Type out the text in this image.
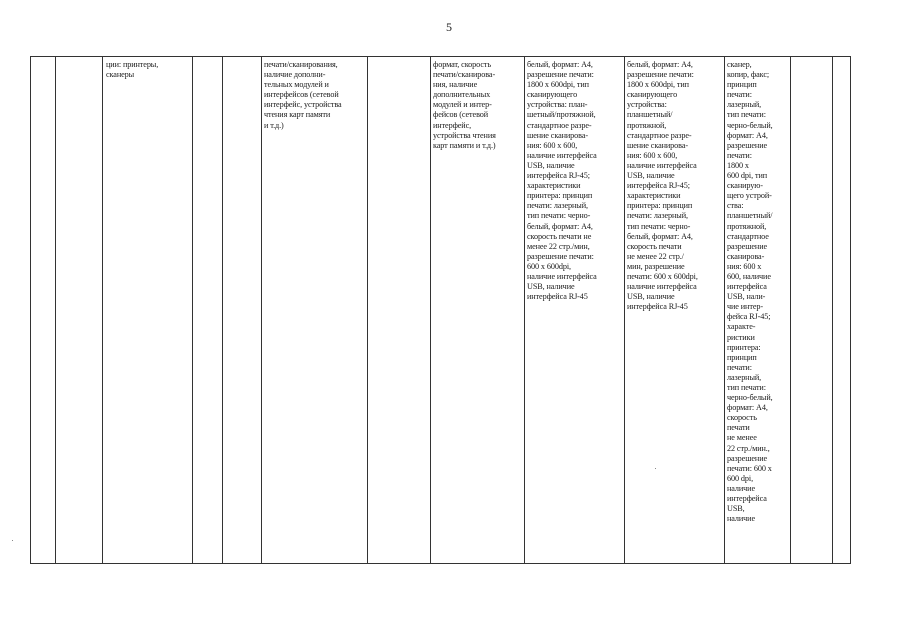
5
ции: принтеры,
сканеры
печати/сканирования,
наличие дополни-
тельных модулей и
интерфейсов (сетевой
интерфейс, устройства
чтения карт памяти
и т.д.)
формат, скорость
печати/сканирова-
ния, наличие
дополнительных
модулей и интер-
фейсов (сетевой
интерфейс,
устройства чтения
карт памяти и т.д.)
белый, формат: А4,
разрешение печати:
1800 x 600dpi, тип
сканирующего
устройства: план-
шетный/протяжной,
стандартное разре-
шение сканирова-
ния: 600 x 600,
наличие интерфейса
USB, наличие
интерфейса RJ-45;
характеристики
принтера: принцип
печати: лазерный,
тип печати: черно-
белый, формат: А4,
скорость печати не
менее 22 стр./мин,
разрешение печати:
600 x 600dpi,
наличие интерфейса
USB, наличие
интерфейса RJ-45
белый, формат: А4,
разрешение печати:
1800 x 600dpi, тип
сканирующего
устройства:
планшетный/
протяжной,
стандартное разре-
шение сканирова-
ния: 600 x 600,
наличие интерфейса
USB, наличие
интерфейса RJ-45;
характеристики
принтера: принцип
печати: лазерный,
тип печати: черно-
белый, формат: А4,
скорость печати
не менее 22 стр./
мин, разрешение
печати: 600 x 600dpi,
наличие интерфейса
USB, наличие
интерфейса RJ-45
сканер,
копир, факс;
принцип
печати:
лазерный,
тип печати:
черно-белый,
формат: А4,
разрешение
печати:
1800 x
600 dpi, тип
сканирую-
щего устрой-
ства:
планшетный/
протяжной,
стандартное
разрешение
сканирова-
ния: 600 x
600, наличие
интерфейса
USB, нали-
чие интер-
фейса RJ-45;
характе-
ристики
принтера:
принцип
печати:
лазерный,
тип печати:
черно-белый,
формат: А4,
скорость
печати
не менее
22 стр./мин.,
разрешение
печати: 600 x
600 dpi,
наличие
интерфейса
USB,
наличие
